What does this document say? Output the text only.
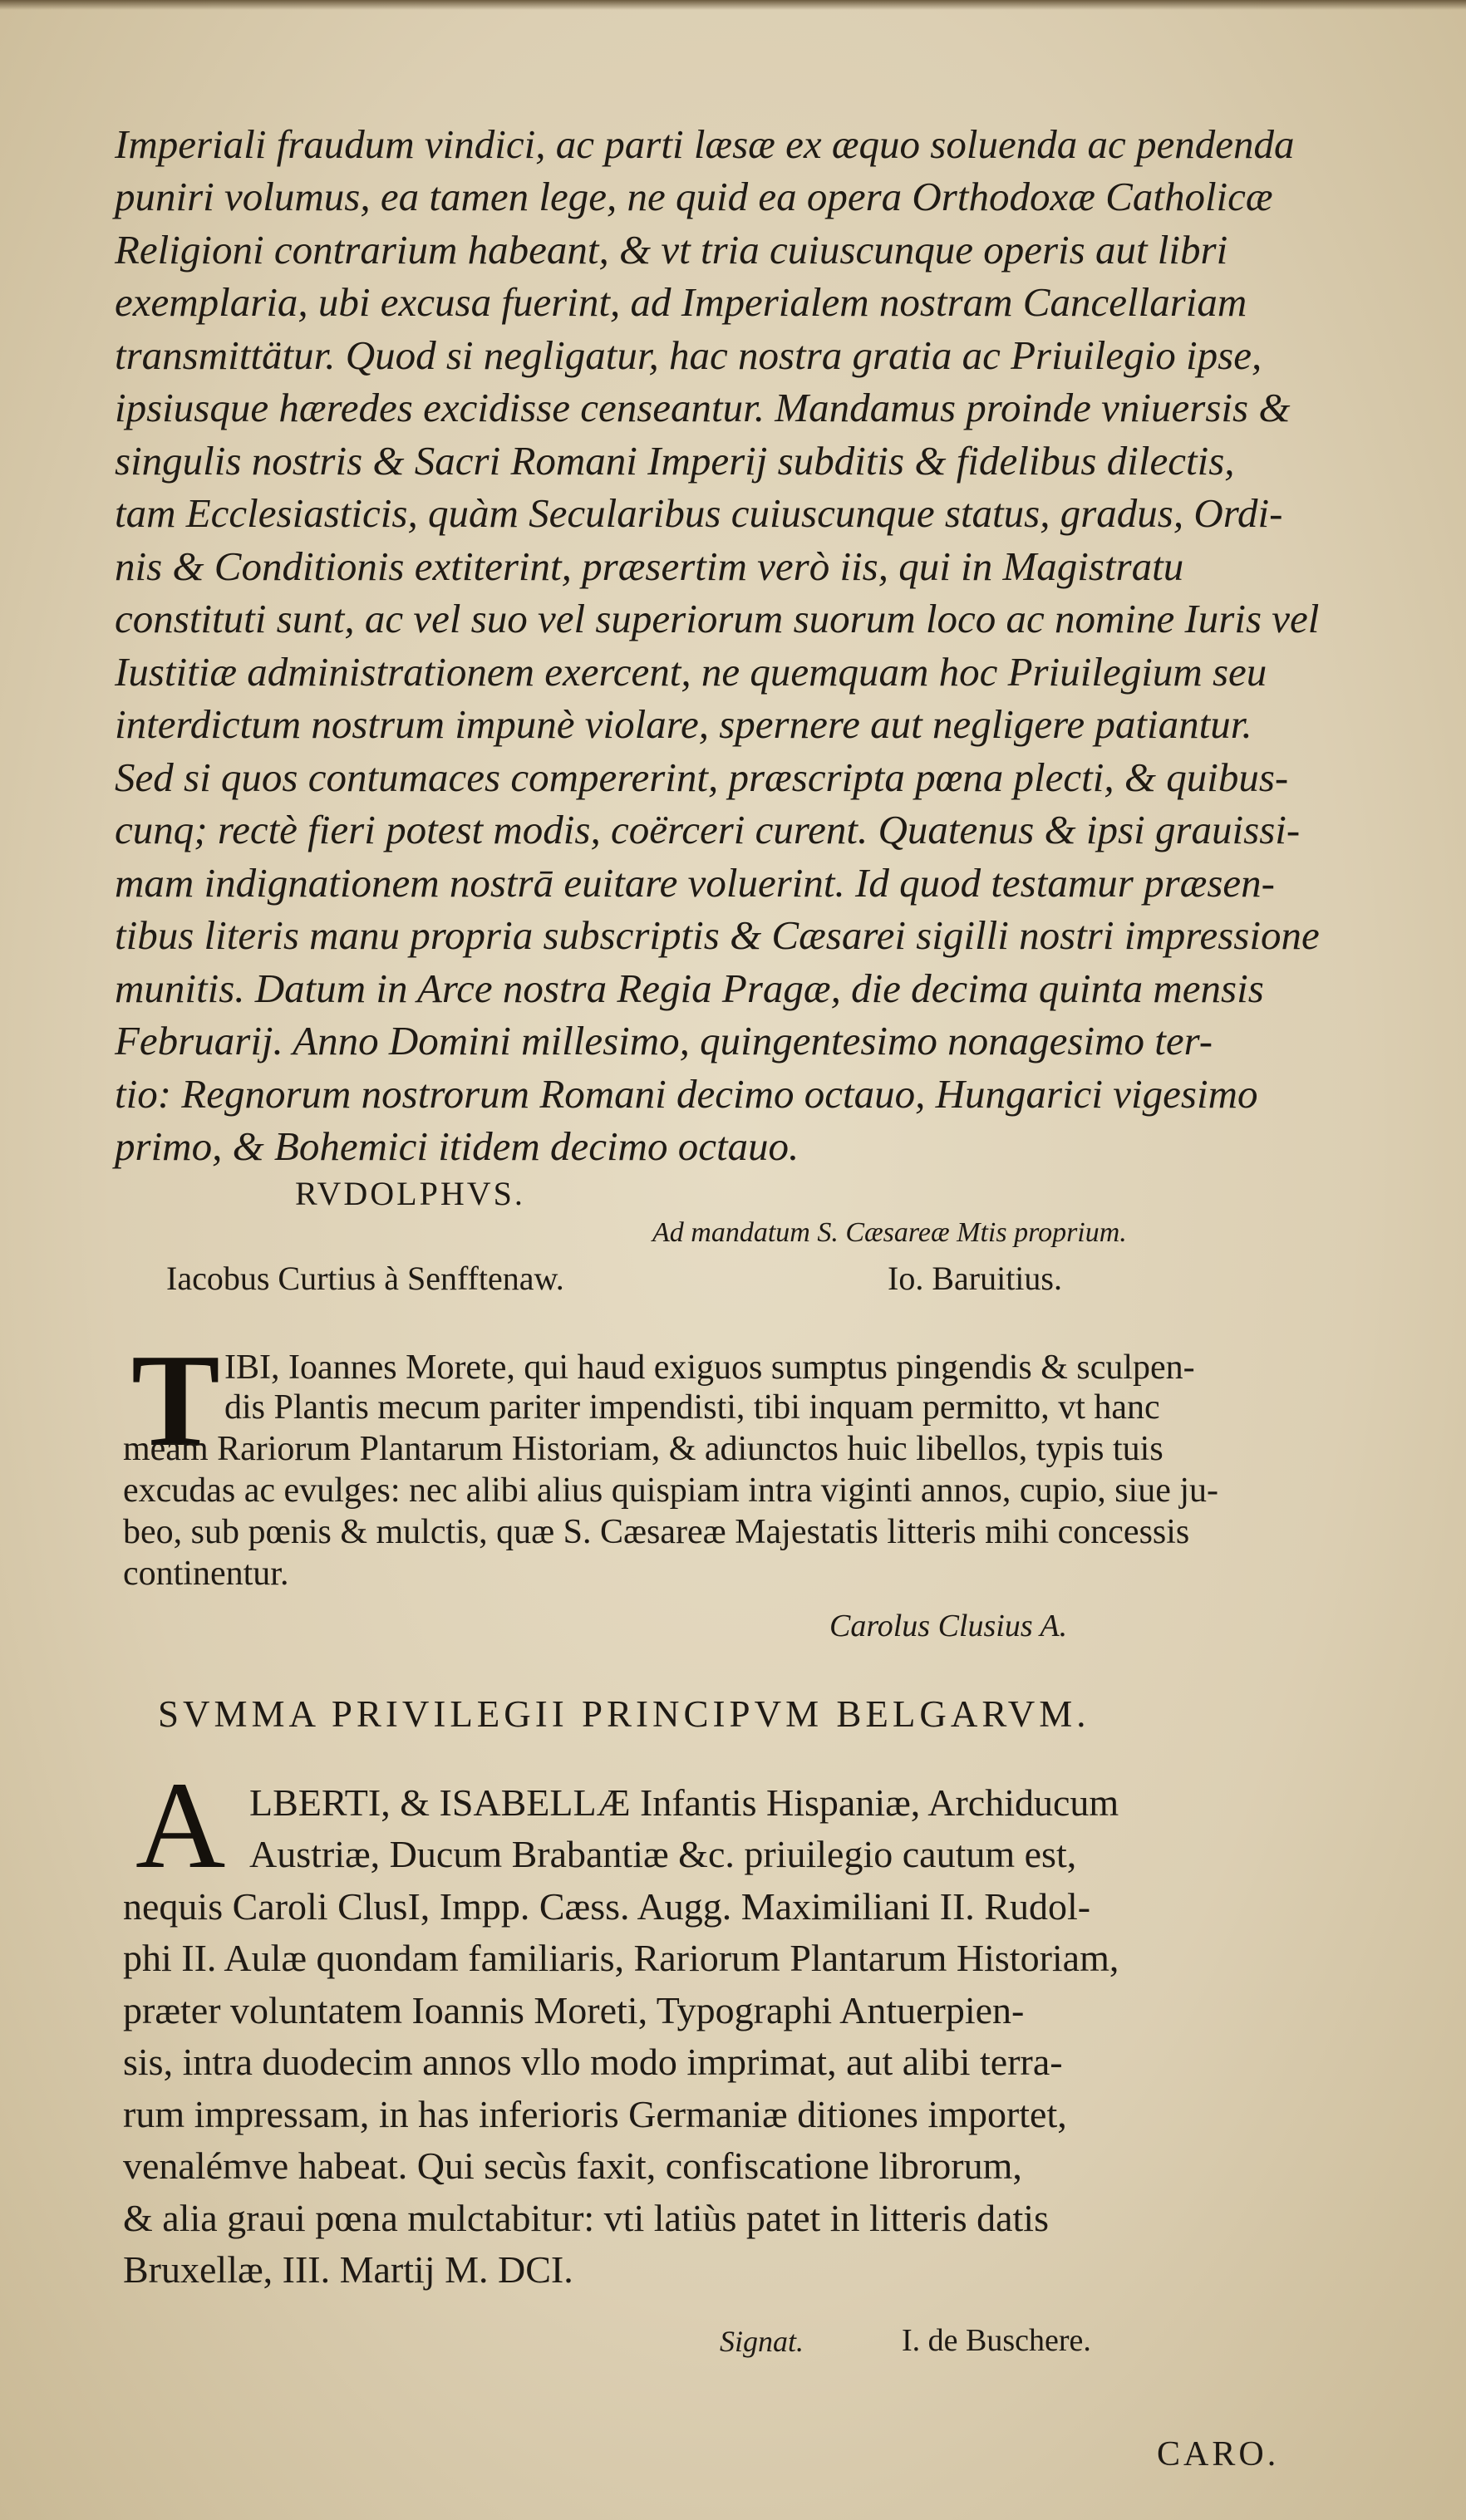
Imperiali fraudum vindici, ac parti læsæ ex æquo soluenda ac pendenda
puniri volumus, ea tamen lege, ne quid ea opera Orthodoxæ Catholicæ
Religioni contrarium habeant, & vt tria cuiuscunque operis aut libri
exemplaria, ubi excusa fuerint, ad Imperialem nostram Cancellariam
transmittätur. Quod si negligatur, hac nostra gratia ac Priuilegio ipse,
ipsiusque hæredes excidisse censeantur. Mandamus proinde vniuersis &
singulis nostris & Sacri Romani Imperij subditis & fidelibus dilectis,
tam Ecclesiasticis, quàm Secularibus cuiuscunque status, gradus, Ordi-
nis & Conditionis extiterint, præsertim verò iis, qui in Magistratu
constituti sunt, ac vel suo vel superiorum suorum loco ac nomine Iuris vel
Iustitiæ administrationem exercent, ne quemquam hoc Priuilegium seu
interdictum nostrum impunè violare, spernere aut negligere patiantur.
Sed si quos contumaces compererint, præscripta pœna plecti, & quibus-
cunq; rectè fieri potest modis, coërceri curent. Quatenus & ipsi grauissi-
mam indignationem nostrā euitare voluerint. Id quod testamur præsen-
tibus literis manu propria subscriptis & Cæsarei sigilli nostri impressione
munitis. Datum in Arce nostra Regia Pragæ, die decima quinta mensis
Februarij. Anno Domini millesimo, quingentesimo nonagesimo ter-
tio: Regnorum nostrorum Romani decimo octauo, Hungarici vigesimo
primo, & Bohemici itidem decimo octauo.
RVDOLPHVS.
Ad mandatum S. Cæsareæ Mtis proprium.
Iacobus Curtius à Senfftenaw.	Io. Baruitius.
T IBI, Ioannes Morete, qui haud exiguos sumptus pingendis & sculpen-
dis Plantis mecum pariter impendisti, tibi inquam permitto, vt hanc
meam Rariorum Plantarum Historiam, & adiunctos huic libellos, typis tuis
excudas ac evulges: nec alibi alius quispiam intra viginti annos, cupio, siue ju-
beo, sub pœnis & mulctis, quæ S. Cæsareæ Majestatis litteris mihi concessis
continentur.
Carolus Clusius A.
SVMMA PRIVILEGII PRINCIPVM BELGARVM.
A LBERTI, & ISABELLÆ Infantis Hispaniæ, Archiducum
Austriæ, Ducum Brabantiæ &c. priuilegio cautum est,
nequis Caroli ClusI, Impp. Cæss. Augg. Maximiliani II. Rudol-
phi II. Aulæ quondam familiaris, Rariorum Plantarum Historiam,
præter voluntatem Ioannis Moreti, Typographi Antuerpien-
sis, intra duodecim annos vllo modo imprimat, aut alibi terra-
rum impressam, in has inferioris Germaniæ ditiones importet,
venalémve habeat. Qui secùs faxit, confiscatione librorum,
& alia graui pœna mulctabitur: vti latiùs patet in litteris datis
Bruxellæ, III. Martij M. DCI.
Signat.	I. de Buschere.
CARO.
